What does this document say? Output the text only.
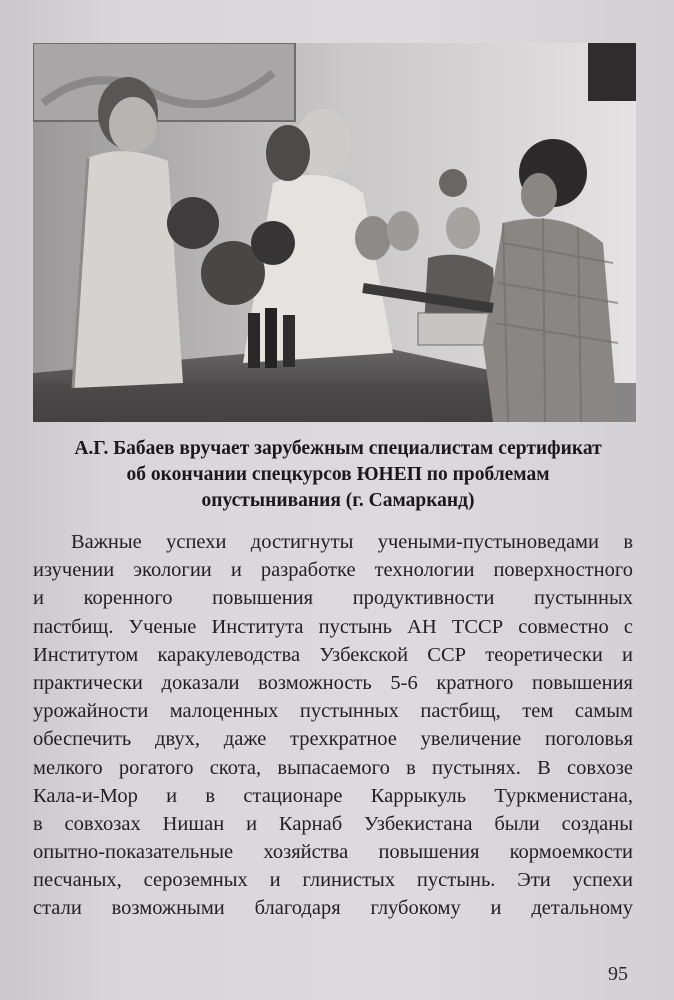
А.Г. Бабаев вручает зарубежным специалистам сертификат
об окончании спецкурсов ЮНЕП по проблемам
опустынивания (г. Самарканд)
Важные успехи достигнуты учеными-пустыноведами в
изучении экологии и разработке технологии поверхностного
и коренного повышения продуктивности пустынных
пастбищ. Ученые Института пустынь АН ТССР совместно с
Институтом каракулеводства Узбекской ССР теоретически и
практически доказали возможность 5-6 кратного повышения
урожайности малоценных пустынных пастбищ, тем самым
обеспечить двух, даже трехкратное увеличение поголовья
мелкого рогатого скота, выпасаемого в пустынях. В совхозе
Кала-и-Мор и в стационаре Каррыкуль Туркменистана,
в совхозах Нишан и Карнаб Узбекистана были созданы
опытно-показательные хозяйства повышения кормоемкости
песчаных, сероземных и глинистых пустынь. Эти успехи
стали возможными благодаря глубокому и детальному
95
